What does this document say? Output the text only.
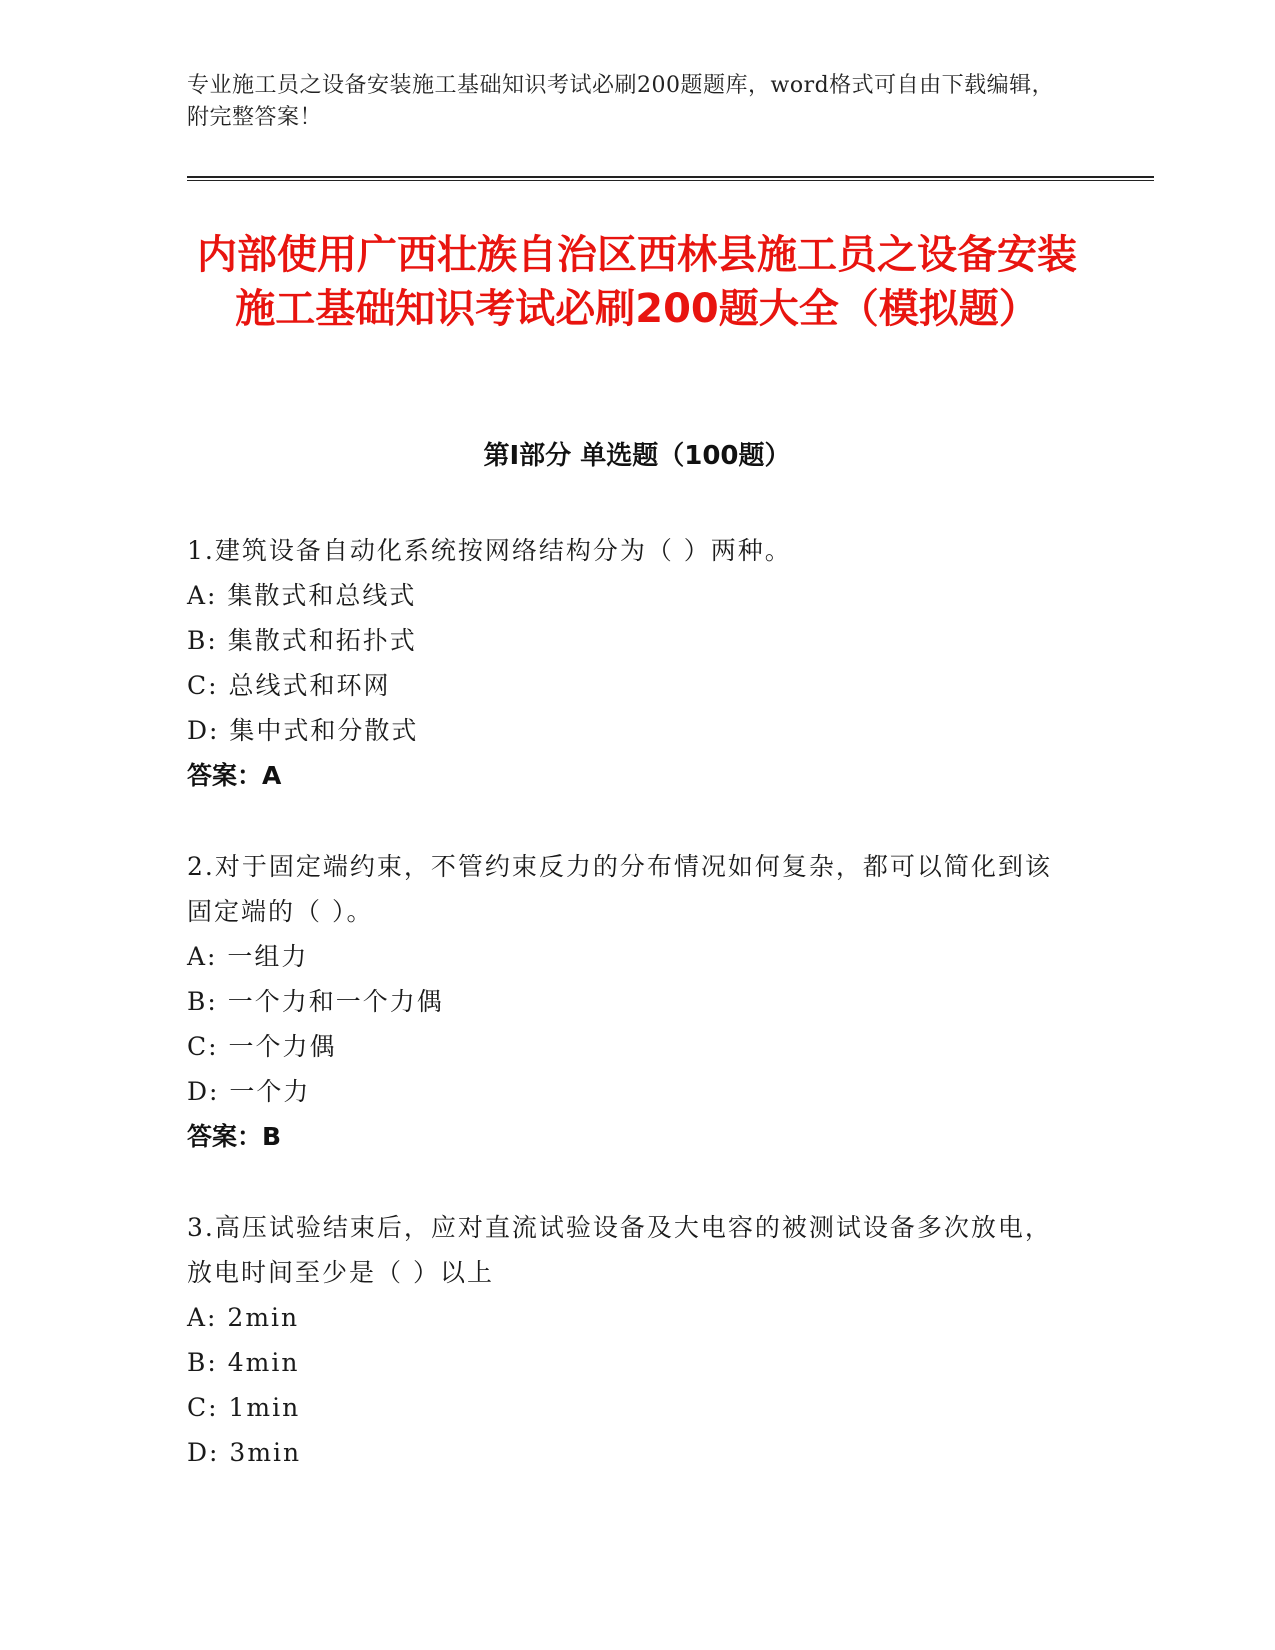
专业施工员之设备安装施工基础知识考试必刷200题题库，word格式可自由下载编辑，附完整答案！
内部使用广西壮族自治区西林县施工员之设备安装施工基础知识考试必刷200题大全（模拟题）
第Ⅰ部分 单选题（100题）

1.建筑设备自动化系统按网络结构分为（ ）两种。

A: 集散式和总线式

B: 集散式和拓扑式

C: 总线式和环网

D: 集中式和分散式

答案：A

2.对于固定端约束，不管约束反力的分布情况如何复杂，都可以简化到该固定端的（ ）。

A: 一组力

B: 一个力和一个力偶

C: 一个力偶

D: 一个力

答案：B

3.高压试验结束后，应对直流试验设备及大电容的被测试设备多次放电，放电时间至少是（ ）以上

A: 2min

B: 4min

C: 1min

D: 3min
